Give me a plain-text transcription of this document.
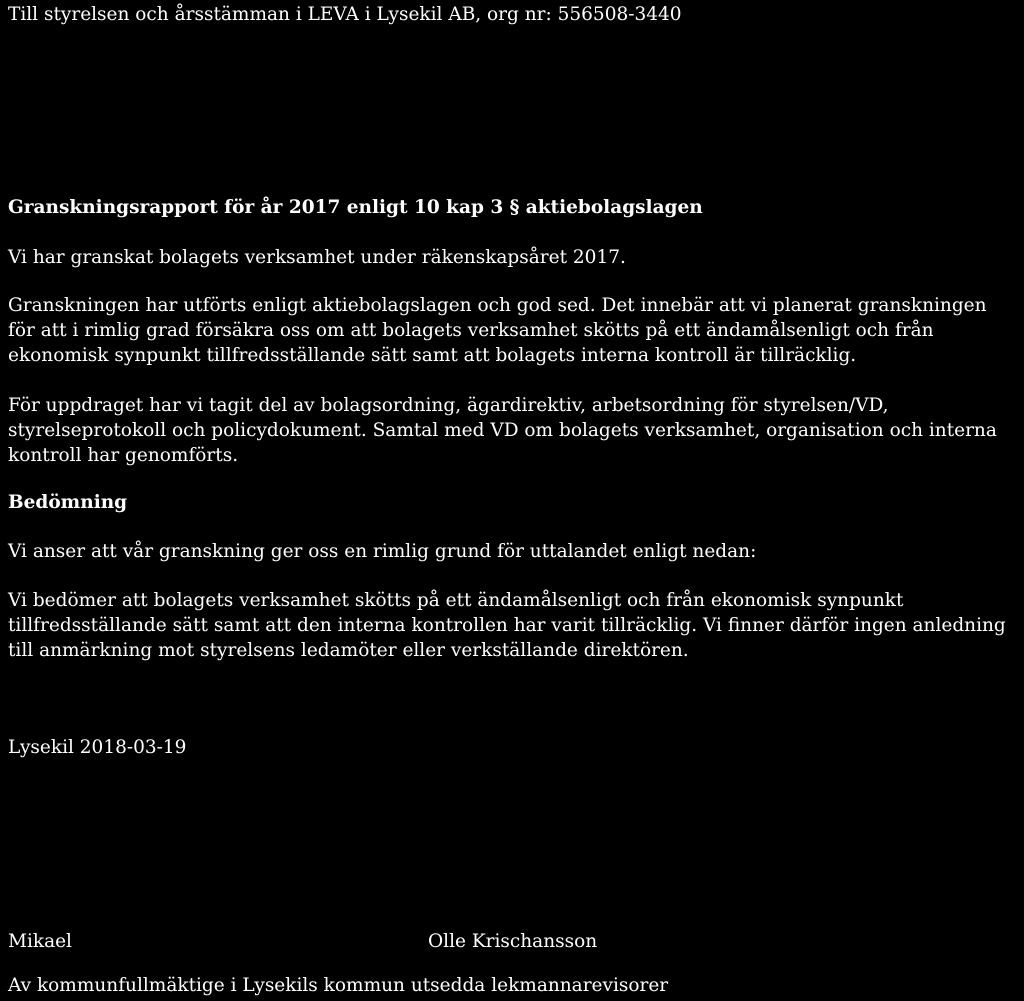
Till styrelsen och årsstämman i LEVA i Lysekil AB, org nr: 556508-3440

Granskningsrapport för år 2017 enligt 10 kap 3 § aktiebolagslagen

Vi har granskat bolagets verksamhet under räkenskapsåret 2017.

Granskningen har utförts enligt aktiebolagslagen och god sed. Det innebär att vi planerat granskningen för att i rimlig grad försäkra oss om att bolagets verksamhet skötts på ett ändamålsenligt och från ekonomisk synpunkt tillfredsställande sätt samt att bolagets interna kontroll är tillräcklig.

För uppdraget har vi tagit del av bolagsordning, ägardirektiv, arbetsordning för styrelsen/VD, styrelseprotokoll och policydokument. Samtal med VD om bolagets verksamhet, organisation och interna kontroll har genomförts.

Bedömning

Vi anser att vår granskning ger oss en rimlig grund för uttalandet enligt nedan:

Vi bedömer att bolagets verksamhet skötts på ett ändamålsenligt och från ekonomisk synpunkt tillfredsställande sätt samt att den interna kontrollen har varit tillräcklig. Vi finner därför ingen anledning till anmärkning mot styrelsens ledamöter eller verkställande direktören.

Lysekil 2018-03-19

Mikael	Olle Krischansson

Av kommunfullmäktige i Lysekils kommun utsedda lekmannarevisorer
